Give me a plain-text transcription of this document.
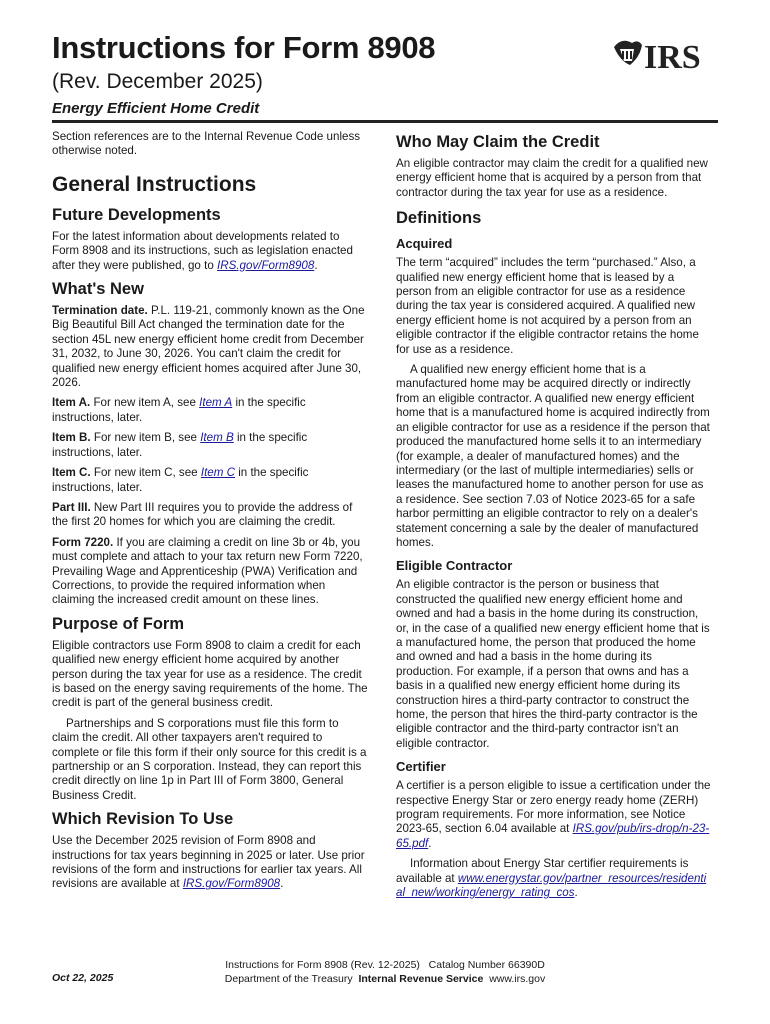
Instructions for Form 8908
(Rev. December 2025)
Energy Efficient Home Credit
IRS

Section references are to the Internal Revenue Code unless otherwise noted.

General Instructions
Future Developments

For the latest information about developments related to Form 8908 and its instructions, such as legislation enacted after they were published, go to IRS.gov/Form8908.

What's New

Termination date. P.L. 119-21, commonly known as the One Big Beautiful Bill Act changed the termination date for the section 45L new energy efficient home credit from December 31, 2032, to June 30, 2026. You can't claim the credit for qualified new energy efficient homes acquired after June 30, 2026.

Item A. For new item A, see Item A in the specific instructions, later.

Item B. For new item B, see Item B in the specific instructions, later.

Item C. For new item C, see Item C in the specific instructions, later.

Part III. New Part III requires you to provide the address of the first 20 homes for which you are claiming the credit.

Form 7220. If you are claiming a credit on line 3b or 4b, you must complete and attach to your tax return new Form 7220, Prevailing Wage and Apprenticeship (PWA) Verification and Corrections, to provide the required information when claiming the increased credit amount on these lines.

Purpose of Form

Eligible contractors use Form 8908 to claim a credit for each qualified new energy efficient home acquired by another person during the tax year for use as a residence. The credit is based on the energy saving requirements of the home. The credit is part of the general business credit.

Partnerships and S corporations must file this form to claim the credit. All other taxpayers aren't required to complete or file this form if their only source for this credit is a partnership or an S corporation. Instead, they can report this credit directly on line 1p in Part III of Form 3800, General Business Credit.

Which Revision To Use

Use the December 2025 revision of Form 8908 and instructions for tax years beginning in 2025 or later. Use prior revisions of the form and instructions for earlier tax years. All revisions are available at IRS.gov/Form8908.

Who May Claim the Credit

An eligible contractor may claim the credit for a qualified new energy efficient home that is acquired by a person from that contractor during the tax year for use as a residence.

Definitions
Acquired

The term “acquired” includes the term “purchased.” Also, a qualified new energy efficient home that is leased by a person from an eligible contractor for use as a residence during the tax year is considered acquired. A qualified new energy efficient home is not acquired by a person from an eligible contractor if the eligible contractor retains the home for use as a residence.

A qualified new energy efficient home that is a manufactured home may be acquired directly or indirectly from an eligible contractor. A qualified new energy efficient home that is a manufactured home is acquired indirectly from an eligible contractor for use as a residence if the person that produced the manufactured home sells it to an intermediary (for example, a dealer of manufactured homes) and the intermediary (or the last of multiple intermediaries) sells or leases the manufactured home to another person for use as a residence. See section 7.03 of Notice 2023-65 for a safe harbor permitting an eligible contractor to rely on a dealer's statement concerning a sale by the dealer of manufactured homes.

Eligible Contractor

An eligible contractor is the person or business that constructed the qualified new energy efficient home and owned and had a basis in the home during its construction, or, in the case of a qualified new energy efficient home that is a manufactured home, the person that produced the home and owned and had a basis in the home during its production. For example, if a person that owns and has a basis in a qualified new energy efficient home during its construction hires a third-party contractor to construct the home, the person that hires the third-party contractor is the eligible contractor and the third-party contractor isn't an eligible contractor.

Certifier

A certifier is a person eligible to issue a certification under the respective Energy Star or zero energy ready home (ZERH) program requirements. For more information, see Notice 2023-65, section 6.04 available at IRS.gov/pub/irs-drop/n-23-65.pdf.

Information about Energy Star certifier requirements is available at www.energystar.gov/partner_resources/residential_new/working/energy_rating_cos.

Instructions for Form 8908 (Rev. 12-2025)   Catalog Number 66390D
Department of the Treasury Internal Revenue Service www.irs.gov
Oct 22, 2025
